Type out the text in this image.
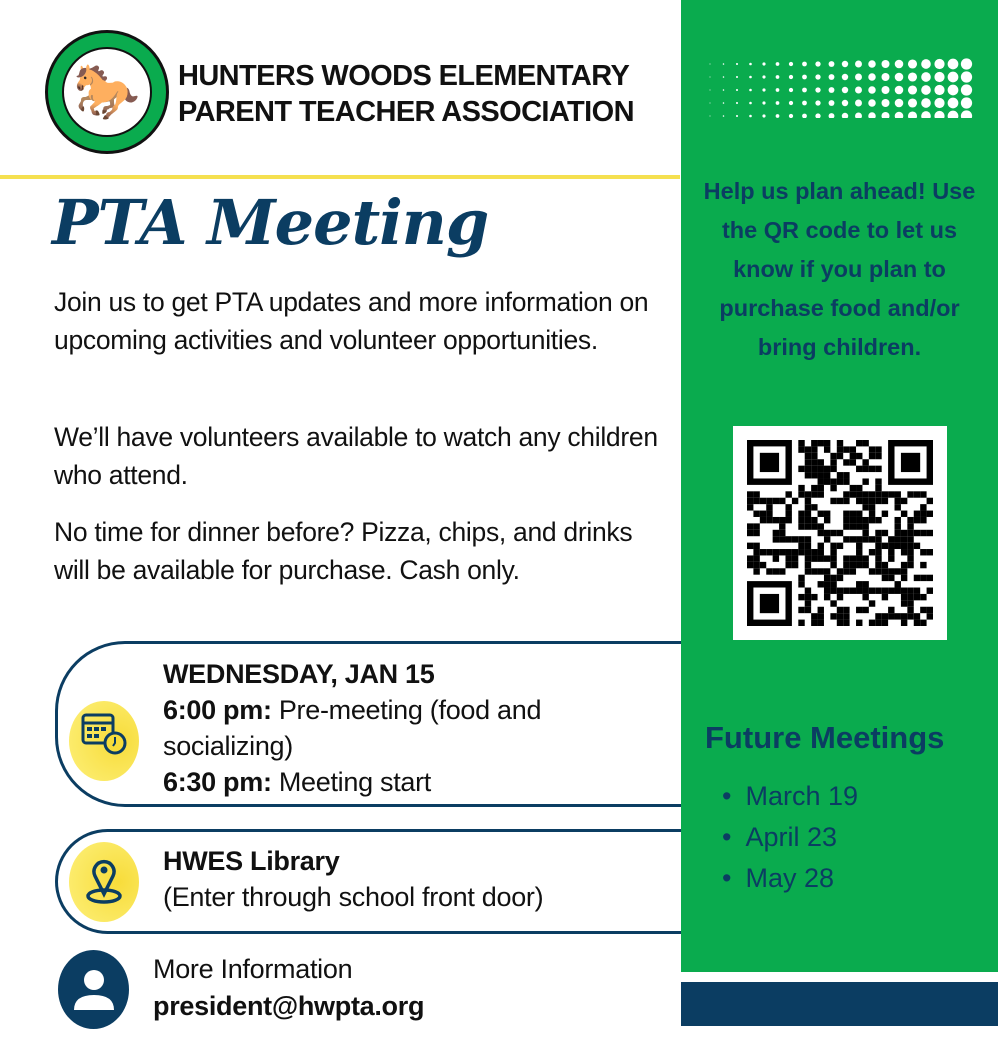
🐎	HUNTERS WOODS ELEMENTARY
PARENT TEACHER ASSOCIATION
PTA Meeting
Join us to get PTA updates and more information on upcoming activities and volunteer opportunities.
We’ll have volunteers available to watch any children who attend.
No time for dinner before? Pizza, chips, and drinks will be available for purchase. Cash only.
WEDNESDAY, JAN 15
6:00 pm: Pre-meeting (food and socializing)
6:30 pm: Meeting start
HWES Library
(Enter through school front door)
More Information
president@hwpta.org
Help us plan ahead! Use the QR code to let us know if you plan to purchase food and/or bring children.
Future Meetings
• March 19
• April 23
• May 28
